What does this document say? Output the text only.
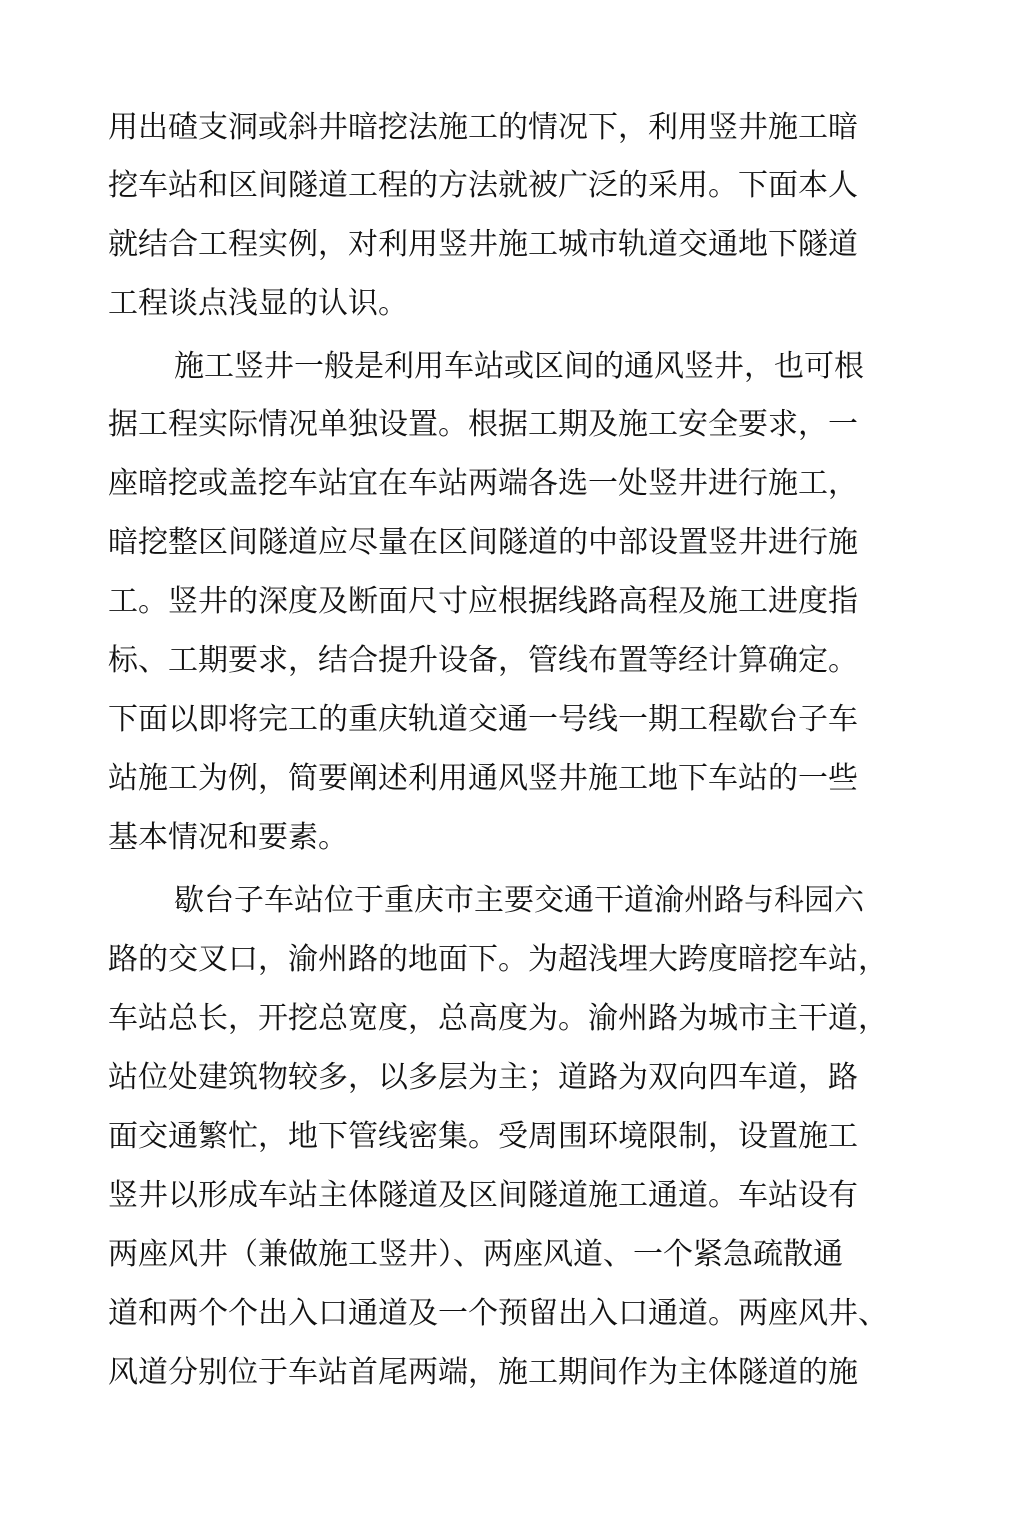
用出碴支洞或斜井暗挖法施工的情况下，利用竖井施工暗

挖车站和区间隧道工程的方法就被广泛的采用。下面本人

就结合工程实例，对利用竖井施工城市轨道交通地下隧道

工程谈点浅显的认识。

施工竖井一般是利用车站或区间的通风竖井，也可根

据工程实际情况单独设置。根据工期及施工安全要求，一

座暗挖或盖挖车站宜在车站两端各选一处竖井进行施工，

暗挖整区间隧道应尽量在区间隧道的中部设置竖井进行施

工。竖井的深度及断面尺寸应根据线路高程及施工进度指

标、工期要求，结合提升设备，管线布置等经计算确定。

下面以即将完工的重庆轨道交通一号线一期工程歇台子车

站施工为例，简要阐述利用通风竖井施工地下车站的一些

基本情况和要素。

歇台子车站位于重庆市主要交通干道渝州路与科园六

路的交叉口，渝州路的地面下。为超浅埋大跨度暗挖车站，

车站总长，开挖总宽度，总高度为。渝州路为城市主干道，

站位处建筑物较多，以多层为主；道路为双向四车道，路

面交通繁忙，地下管线密集。受周围环境限制，设置施工

竖井以形成车站主体隧道及区间隧道施工通道。车站设有

两座风井（兼做施工竖井）、两座风道、一个紧急疏散通

道和两个个出入口通道及一个预留出入口通道。两座风井、

风道分别位于车站首尾两端，施工期间作为主体隧道的施
